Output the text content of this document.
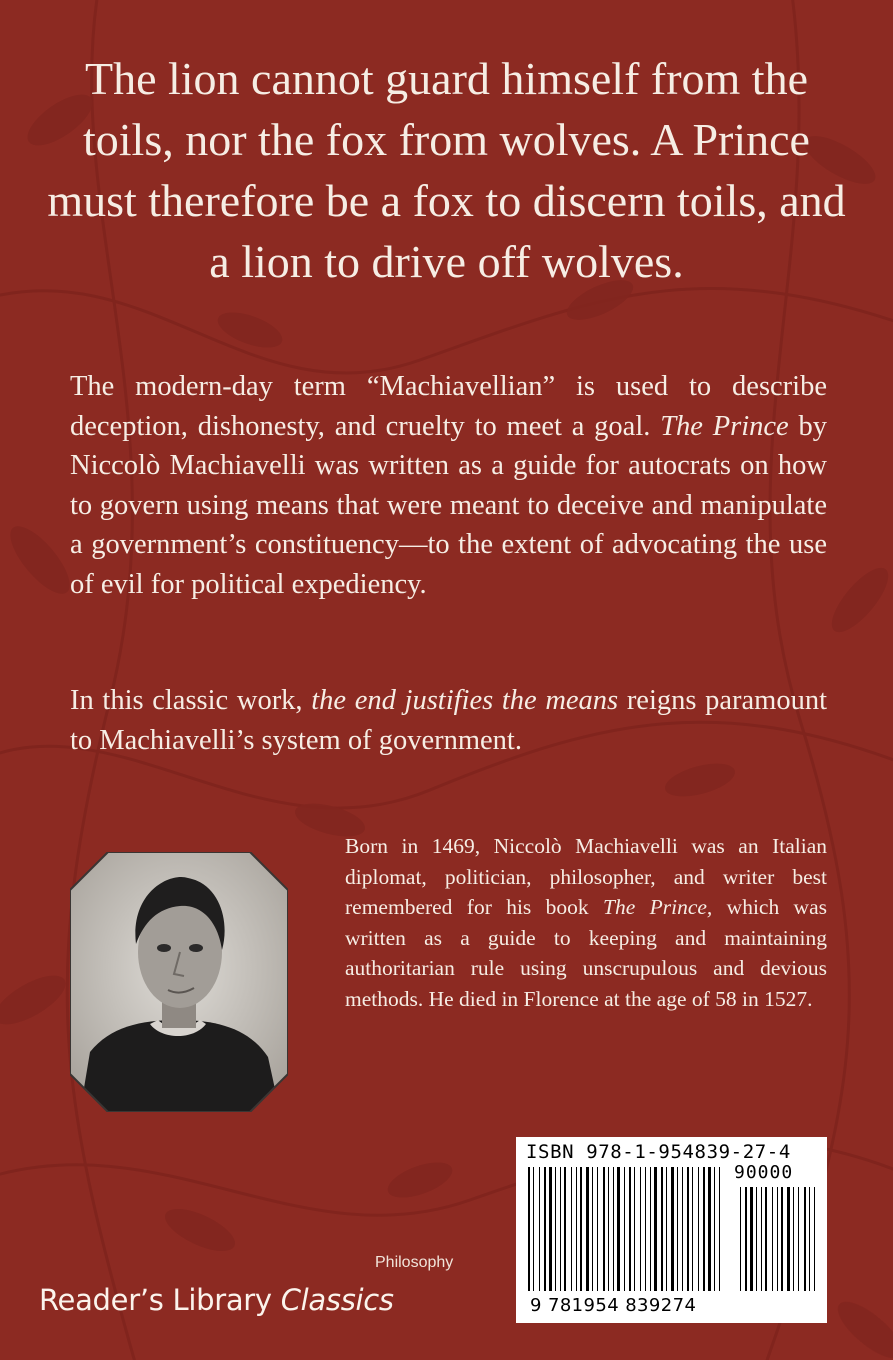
The lion cannot guard himself from the toils, nor the fox from wolves. A Prince must therefore be a fox to discern toils, and a lion to drive off wolves.

The modern-day term “Machiavellian” is used to describe deception, dishonesty, and cruelty to meet a goal. The Prince by Niccolò Machiavelli was written as a guide for autocrats on how to govern using means that were meant to deceive and manipulate a government’s constituency—to the extent of advocating the use of evil for political expediency.

In this classic work, the end justifies the means reigns paramount to Machiavelli’s system of government.

Born in 1469, Niccolò Machiavelli was an Italian diplomat, politician, philosopher, and writer best remembered for his book The Prince, which was written as a guide to keeping and maintaining authoritarian rule using unscrupulous and devious methods. He died in Florence at the age of 58 in 1527.

ISBN 978-1-954839-27-4
90000
9 781954 839274
Philosophy
Reader’s Library Classics
